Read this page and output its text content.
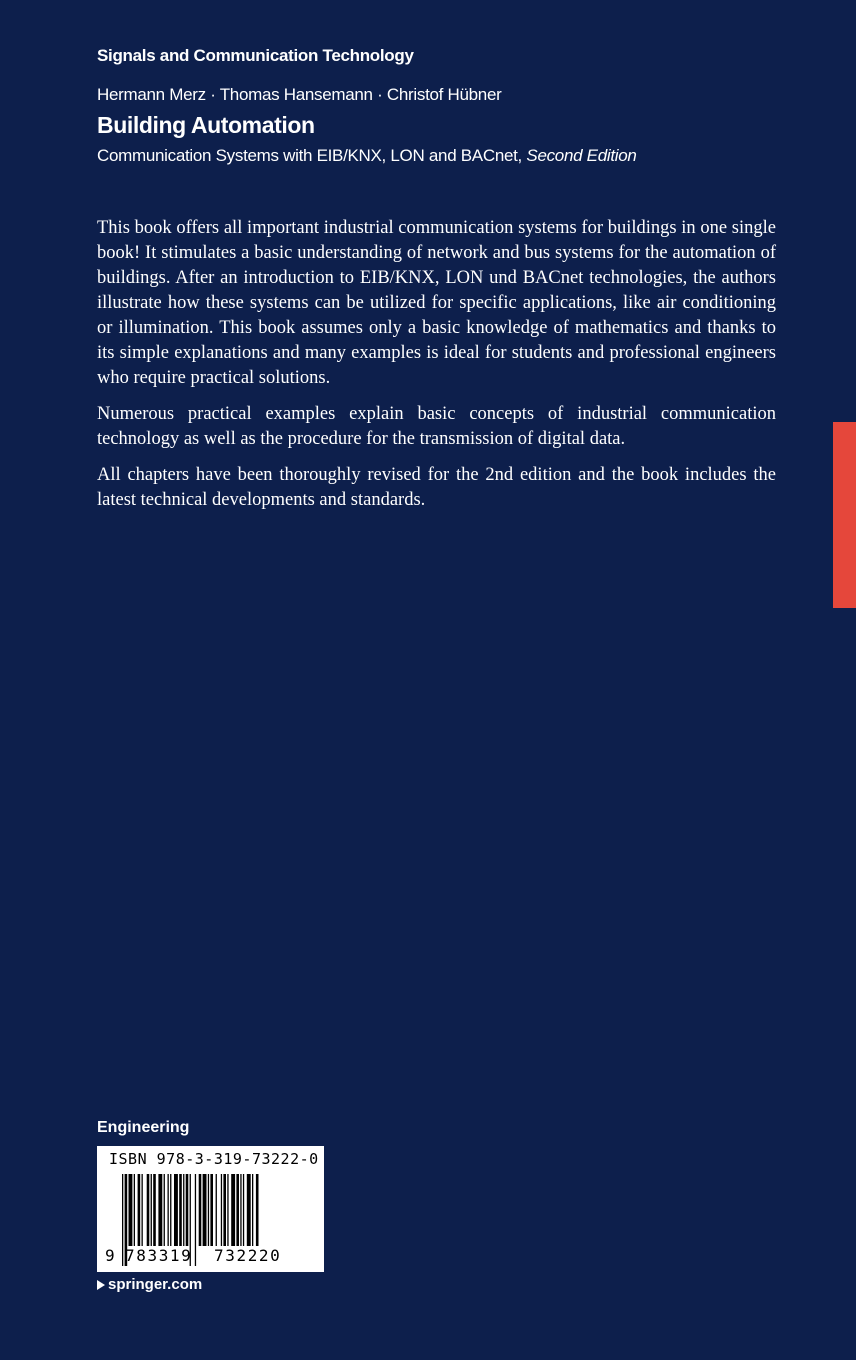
Signals and Communication Technology
Hermann Merz · Thomas Hansemann · Christof Hübner
Building Automation
Communication Systems with EIB/KNX, LON and BACnet, Second Edition

This book offers all important industrial communication systems for buildings in one single book! It stimulates a basic understanding of network and bus systems for the automation of buildings. After an introduction to EIB/KNX, LON und BACnet technologies, the authors illustrate how these systems can be utilized for specific applications, like air conditioning or illumination. This book assumes only a basic knowledge of mathematics and thanks to its simple explanations and many examples is ideal for students and professional engineers who require practical solutions.

Numerous practical examples explain basic concepts of industrial communication technology as well as the procedure for the transmission of digital data.

All chapters have been thoroughly revised for the 2nd edition and the book includes the latest technical developments and standards.

Engineering
ISBN 978-3-319-73222-0
9 783319 732220
springer.com
